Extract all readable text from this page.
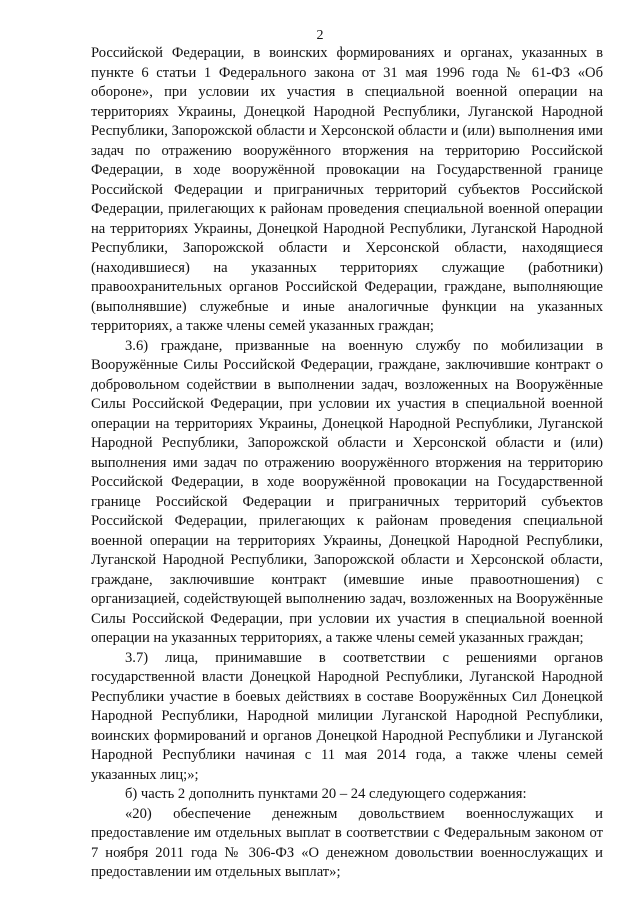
2

Российской Федерации, в воинских формированиях и органах, указанных в пункте 6 статьи 1 Федерального закона от 31 мая 1996 года № 61-ФЗ «Об обороне», при условии их участия в специальной военной операции на территориях Украины, Донецкой Народной Республики, Луганской Народной Республики, Запорожской области и Херсонской области и (или) выполнения ими задач по отражению вооружённого вторжения на территорию Российской Федерации, в ходе вооружённой провокации на Государственной границе Российской Федерации и приграничных территорий субъектов Российской Федерации, прилегающих к районам проведения специальной военной операции на территориях Украины, Донецкой Народной Республики, Луганской Народной Республики, Запорожской области и Херсонской области, находящиеся (находившиеся) на указанных территориях служащие (работники) правоохранительных органов Российской Федерации, граждане, выполняющие (выполнявшие) служебные и иные аналогичные функции на указанных территориях, а также члены семей указанных граждан;

3.6) граждане, призванные на военную службу по мобилизации в Вооружённые Силы Российской Федерации, граждане, заключившие контракт о добровольном содействии в выполнении задач, возложенных на Вооружённые Силы Российской Федерации, при условии их участия в специальной военной операции на территориях Украины, Донецкой Народной Республики, Луганской Народной Республики, Запорожской области и Херсонской области и (или) выполнения ими задач по отражению вооружённого вторжения на территорию Российской Федерации, в ходе вооружённой провокации на Государственной границе Российской Федерации и приграничных территорий субъектов Российской Федерации, прилегающих к районам проведения специальной военной операции на территориях Украины, Донецкой Народной Республики, Луганской Народной Республики, Запорожской области и Херсонской области, граждане, заключившие контракт (имевшие иные правоотношения) с организацией, содействующей выполнению задач, возложенных на Вооружённые Силы Российской Федерации, при условии их участия в специальной военной операции на указанных территориях, а также члены семей указанных граждан;

3.7) лица, принимавшие в соответствии с решениями органов государственной власти Донецкой Народной Республики, Луганской Народной Республики участие в боевых действиях в составе Вооружённых Сил Донецкой Народной Республики, Народной милиции Луганской Народной Республики, воинских формирований и органов Донецкой Народной Республики и Луганской Народной Республики начиная с 11 мая 2014 года, а также члены семей указанных лиц;»;

б) часть 2 дополнить пунктами 20 – 24 следующего содержания:

«20) обеспечение денежным довольствием военнослужащих и предоставление им отдельных выплат в соответствии с Федеральным законом от 7 ноября 2011 года № 306-ФЗ «О денежном довольствии военнослужащих и предоставлении им отдельных выплат»;
